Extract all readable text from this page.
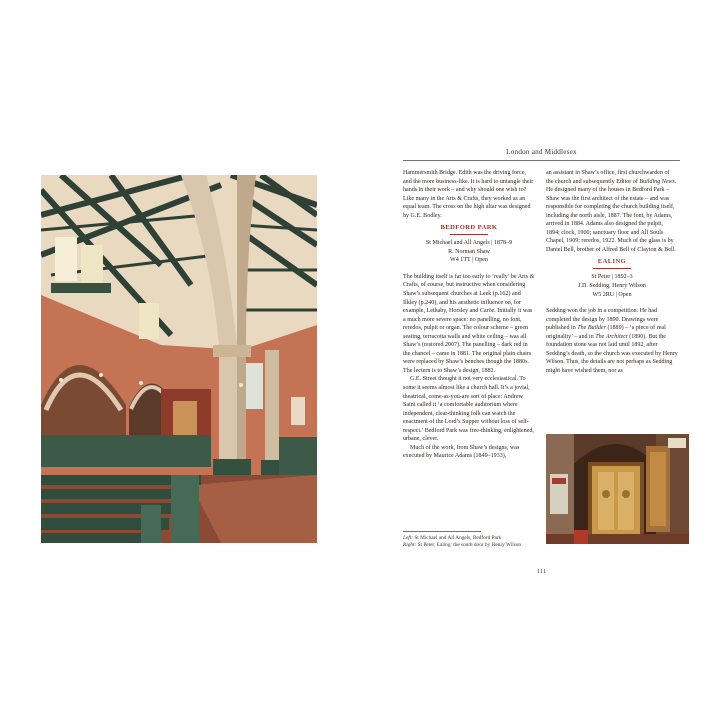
London and Middlesex

Hammersmith Bridge. Edith was the driving force, and the more business-like. It is hard to untangle their hands in their work – and why should one wish to? Like many in the Arts & Crafts, they worked as an equal team. The cross on the high altar was designed by G.E. Bodley.

BEDFORD PARK
St Michael and All Angels | 1878–9
R. Norman Shaw
W4 1TT | Open

The building itself is far too early to ‘really’ be Arts & Crafts, of course, but instructive when considering Shaw’s subsequent churches at Leek (p.162) and Ilkley (p.240), and his aesthetic influence on, for example, Lethaby, Horsley and Caröe. Initially it was a much more severe space: no panelling, no font, reredos, pulpit or organ. The colour scheme – green seating, terracotta walls and white ceiling – was all Shaw’s (restored 2007). The panelling – dark red in the chancel – came in 1881. The original plain chairs were replaced by Shaw’s benches though the 1880s. The lectern is to Shaw’s design, 1882.

G.E. Street thought it not very ecclesiastical. To some it seems almost like a church hall. It’s a jovial, theatrical, come-as-you-are sort of place: Andrew Saint called it ‘a comfortable auditorium where independent, clear-thinking folk can watch the enactment of the Lord’s Supper without loss of self-respect.’ Bedford Park was free-thinking, enlightened, urbane, clever.

Much of the work, from Shaw’s designs, was executed by Maurice Adams (1849–1933),

an assistant in Shaw’s office, first churchwarden of the church and subsequently Editor of Building News. He designed many of the houses in Bedford Park – Shaw was the first architect of the estate – and was responsible for completing the church building itself, including the north aisle, 1887. The font, by Adams, arrived in 1884. Adams also designed the pulpit, 1894; clock, 1900; sanctuary floor and All Souls Chapel, 1909; reredos, 1922. Much of the glass is by Daniel Bell, brother of Alfred Bell of Clayton & Bell.

EALING
St Peter | 1892–3
J.D. Sedding, Henry Wilson
W5 2RU | Open

Sedding won the job in a competition. He had completed the design by 1890. Drawings were published in The Builder (1889) – ‘a piece of real originality’ – and in The Architect (1890). But the foundation stone was not laid until 1892, after Sedding’s death, so the church was executed by Henry Wilson. Thus, the details are not perhaps as Sedding might have wished them, nor as

Left: St Michael and All Angels, Bedford Park
Right: St Peter, Ealing: the south door by Henry Wilson
111
